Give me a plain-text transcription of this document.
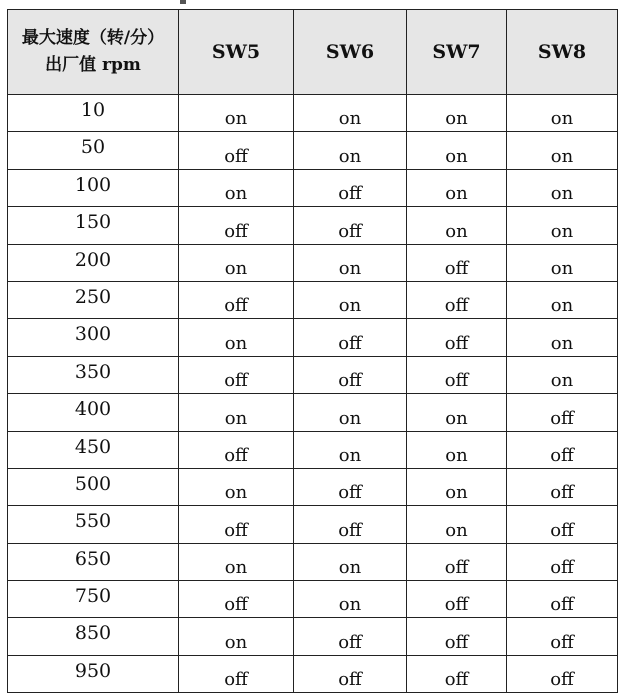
最大速度（转/分）
出厂值 rpm	SW5	SW6	SW7	SW8
10	on	on	on	on
50	off	on	on	on
100	on	off	on	on
150	off	off	on	on
200	on	on	off	on
250	off	on	off	on
300	on	off	off	on
350	off	off	off	on
400	on	on	on	off
450	off	on	on	off
500	on	off	on	off
550	off	off	on	off
650	on	on	off	off
750	off	on	off	off
850	on	off	off	off
950	off	off	off	off
